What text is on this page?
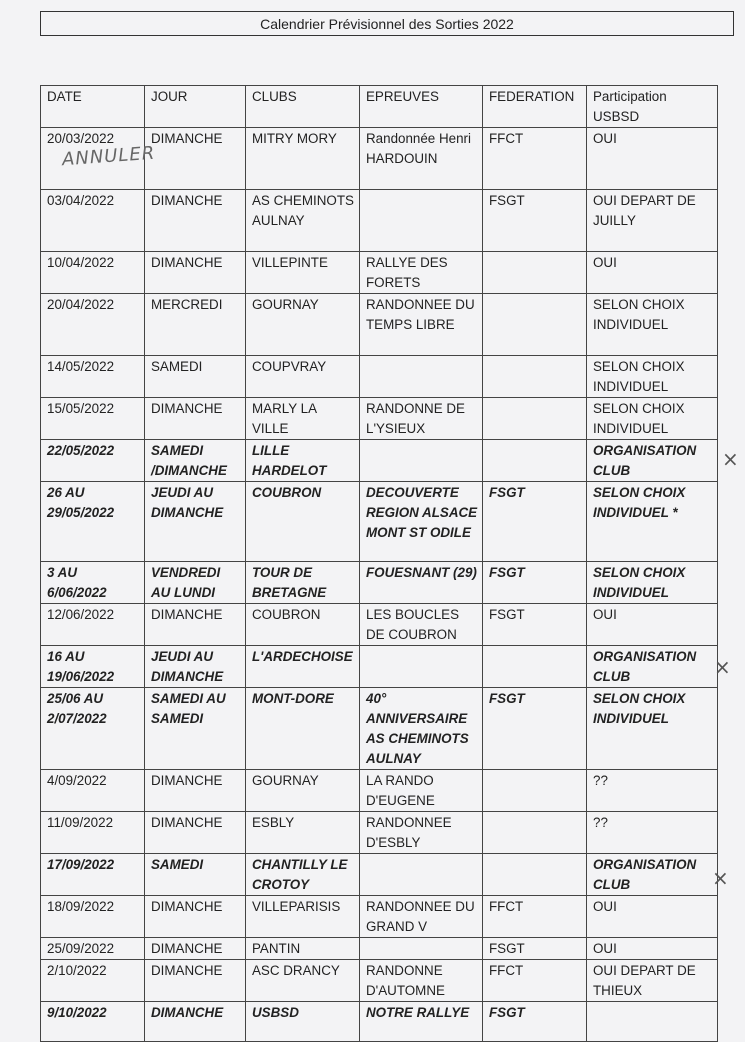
Calendrier Prévisionnel des Sorties 2022
DATE	JOUR	CLUBS	EPREUVES	FEDERATION	Participation USBSD
20/03/2022	DIMANCHE	MITRY MORY	Randonnée Henri HARDOUIN	FFCT	OUI
03/04/2022	DIMANCHE	AS CHEMINOTS AULNAY		FSGT	OUI DEPART DE JUILLY
10/04/2022	DIMANCHE	VILLEPINTE	RALLYE DES FORETS		OUI
20/04/2022	MERCREDI	GOURNAY	RANDONNEE DU TEMPS LIBRE		SELON CHOIX INDIVIDUEL
14/05/2022	SAMEDI	COUPVRAY			SELON CHOIX INDIVIDUEL
15/05/2022	DIMANCHE	MARLY LA VILLE	RANDONNE DE L'YSIEUX		SELON CHOIX INDIVIDUEL
22/05/2022	SAMEDI /DIMANCHE	LILLE HARDELOT			ORGANISATION CLUB
26 AU 29/05/2022	JEUDI AU DIMANCHE	COUBRON	DECOUVERTE REGION ALSACE MONT ST ODILE	FSGT	SELON CHOIX INDIVIDUEL *
3 AU 6/06/2022	VENDREDI AU LUNDI	TOUR DE BRETAGNE	FOUESNANT (29)	FSGT	SELON CHOIX INDIVIDUEL
12/06/2022	DIMANCHE	COUBRON	LES BOUCLES DE COUBRON	FSGT	OUI
16 AU 19/06/2022	JEUDI AU DIMANCHE	L'ARDECHOISE			ORGANISATION CLUB
25/06 AU 2/07/2022	SAMEDI AU SAMEDI	MONT-DORE	40° ANNIVERSAIRE AS CHEMINOTS AULNAY	FSGT	SELON CHOIX INDIVIDUEL
4/09/2022	DIMANCHE	GOURNAY	LA RANDO D'EUGENE		??
11/09/2022	DIMANCHE	ESBLY	RANDONNEE D'ESBLY		??
17/09/2022	SAMEDI	CHANTILLY LE CROTOY			ORGANISATION CLUB
18/09/2022	DIMANCHE	VILLEPARISIS	RANDONNEE DU GRAND V	FFCT	OUI
25/09/2022	DIMANCHE	PANTIN		FSGT	OUI
2/10/2022	DIMANCHE	ASC DRANCY	RANDONNE D'AUTOMNE	FFCT	OUI DEPART DE THIEUX
9/10/2022	DIMANCHE	USBSD	NOTRE RALLYE	FSGT	
ANNULER
×
×
×
